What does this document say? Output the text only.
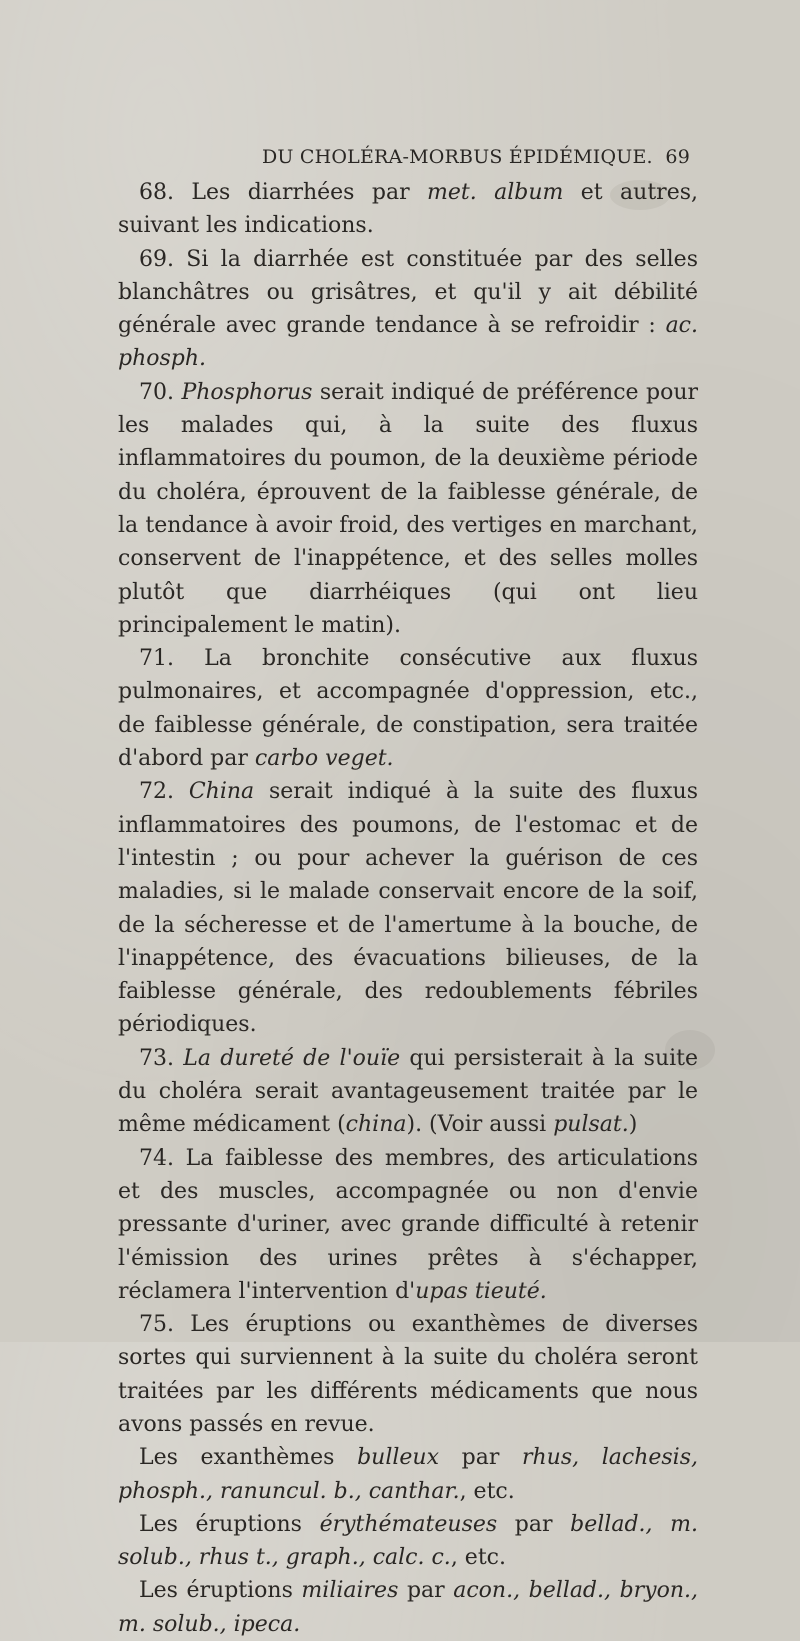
DU CHOLÉRA-MORBUS ÉPIDÉMIQUE. 69

68. Les diarrhées par met. album et autres, suivant les indications.

69. Si la diarrhée est constituée par des selles blanchâtres ou grisâtres, et qu'il y ait débilité générale avec grande tendance à se refroidir : ac. phosph.

70. Phosphorus serait indiqué de préférence pour les malades qui, à la suite des fluxus inflammatoires du poumon, de la deuxième période du choléra, éprouvent de la faiblesse générale, de la tendance à avoir froid, des vertiges en marchant, conservent de l'inappétence, et des selles molles plutôt que diarrhéiques (qui ont lieu principalement le matin).

71. La bronchite consécutive aux fluxus pulmonaires, et accompagnée d'oppression, etc., de faiblesse générale, de constipation, sera traitée d'abord par carbo veget.

72. China serait indiqué à la suite des fluxus inflammatoires des poumons, de l'estomac et de l'intestin ; ou pour achever la guérison de ces maladies, si le malade conservait encore de la soif, de la sécheresse et de l'amertume à la bouche, de l'inappétence, des évacuations bilieuses, de la faiblesse générale, des redoublements fébriles périodiques.

73. La dureté de l'ouïe qui persisterait à la suite du choléra serait avantageusement traitée par le même médicament (china). (Voir aussi pulsat.)

74. La faiblesse des membres, des articulations et des muscles, accompagnée ou non d'envie pressante d'uriner, avec grande difficulté à retenir l'émission des urines prêtes à s'échapper, réclamera l'intervention d'upas tieuté.

75. Les éruptions ou exanthèmes de diverses sortes qui surviennent à la suite du choléra seront traitées par les différents médicaments que nous avons passés en revue.

Les exanthèmes bulleux par rhus, lachesis, phosph., ranuncul. b., canthar., etc.

Les éruptions érythémateuses par bellad., m. solub., rhus t., graph., calc. c., etc.

Les éruptions miliaires par acon., bellad., bryon., m. solub., ipeca.
